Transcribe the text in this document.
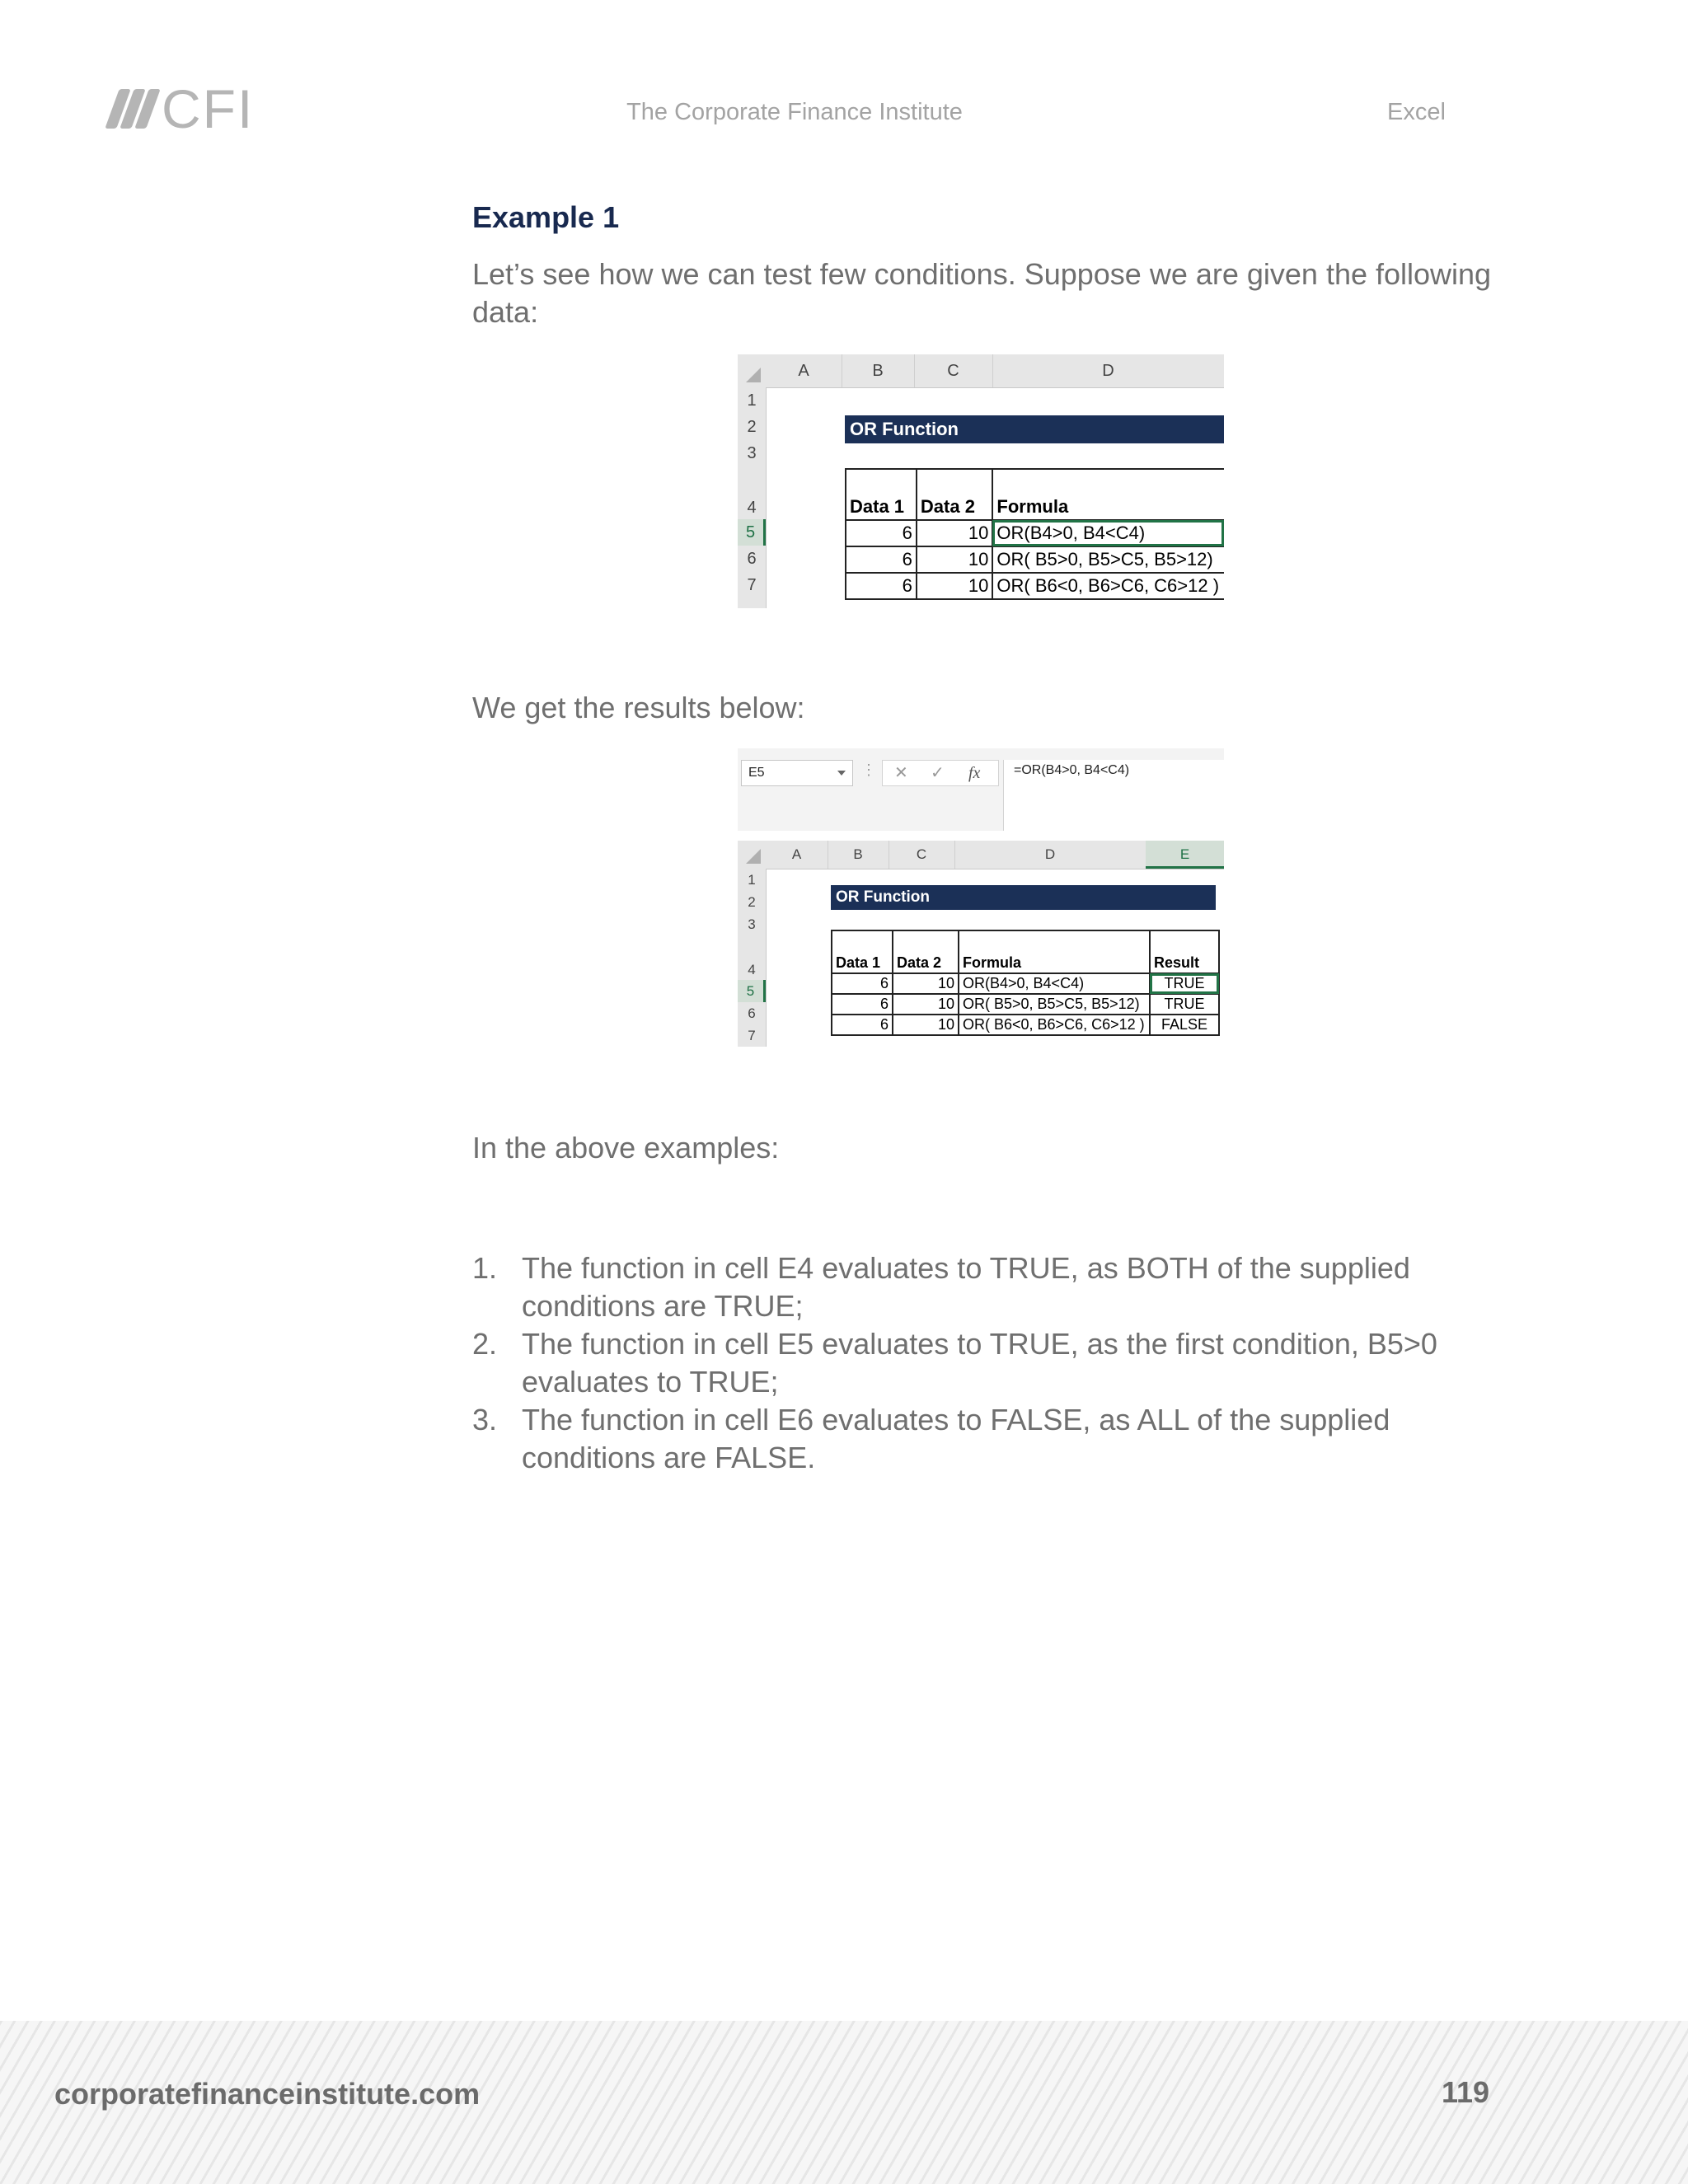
CFI	The Corporate Finance Institute	Excel
Example 1

Let’s see how we can test few conditions. Suppose we are given the following data:

A	B	C	D
1
2
3
4
5
6
7
OR Function
Data 1	Data 2	Formula
6	10	OR(B4>0, B4<C4)
6	10	OR( B5>0, B5>C5, B5>12)
6	10	OR( B6<0, B6>C6, C6>12 )

We get the results below:

E5	⋮ ✕ ✓ fx	=OR(B4>0, B4<C4)
A	B	C	D	E
1
2
3
4
5
6
7
OR Function
Data 1	Data 2	Formula	Result
6	10	OR(B4>0, B4<C4)	TRUE
6	10	OR( B5>0, B5>C5, B5>12)	TRUE
6	10	OR( B6<0, B6>C6, C6>12 )	FALSE

In the above examples:

1. The function in cell E4 evaluates to TRUE, as BOTH of the supplied conditions are TRUE;
2. The function in cell E5 evaluates to TRUE, as the first condition, B5>0 evaluates to TRUE;
3. The function in cell E6 evaluates to FALSE, as ALL of the supplied conditions are FALSE.
corporatefinanceinstitute.com	119
